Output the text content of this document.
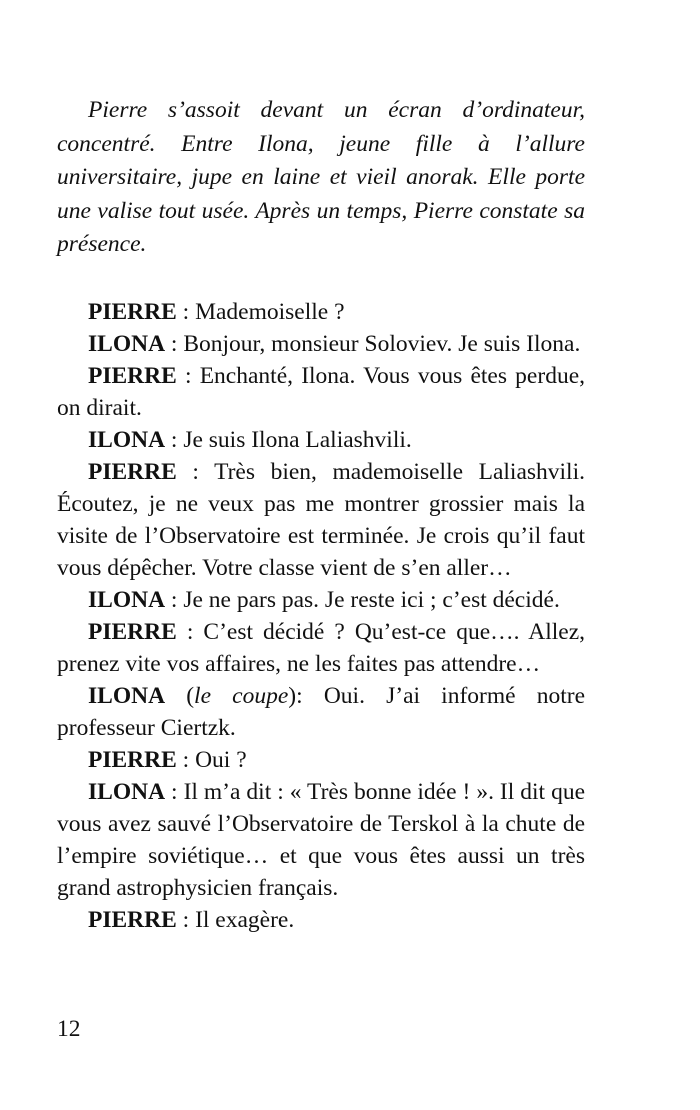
Pierre s’assoit devant un écran d’ordinateur, concentré. Entre Ilona, jeune fille à l’allure universitaire, jupe en laine et vieil anorak. Elle porte une valise tout usée. Après un temps, Pierre constate sa présence.

PIERRE : Mademoiselle ?

ILONA : Bonjour, monsieur Soloviev. Je suis Ilona.

PIERRE : Enchanté, Ilona. Vous vous êtes perdue, on dirait.

ILONA : Je suis Ilona Laliashvili.

PIERRE : Très bien, mademoiselle Laliashvili. Écoutez, je ne veux pas me montrer grossier mais la visite de l’Observatoire est terminée. Je crois qu’il faut vous dépêcher. Votre classe vient de s’en aller…

ILONA : Je ne pars pas. Je reste ici ; c’est décidé.

PIERRE : C’est décidé ? Qu’est-ce que…. Allez, prenez vite vos affaires, ne les faites pas attendre…

ILONA (le coupe): Oui. J’ai informé notre professeur Ciertzk.

PIERRE : Oui ?

ILONA : Il m’a dit : « Très bonne idée ! ». Il dit que vous avez sauvé l’Observatoire de Terskol à la chute de l’empire soviétique… et que vous êtes aussi un très grand astrophysicien français.

PIERRE : Il exagère.

12
